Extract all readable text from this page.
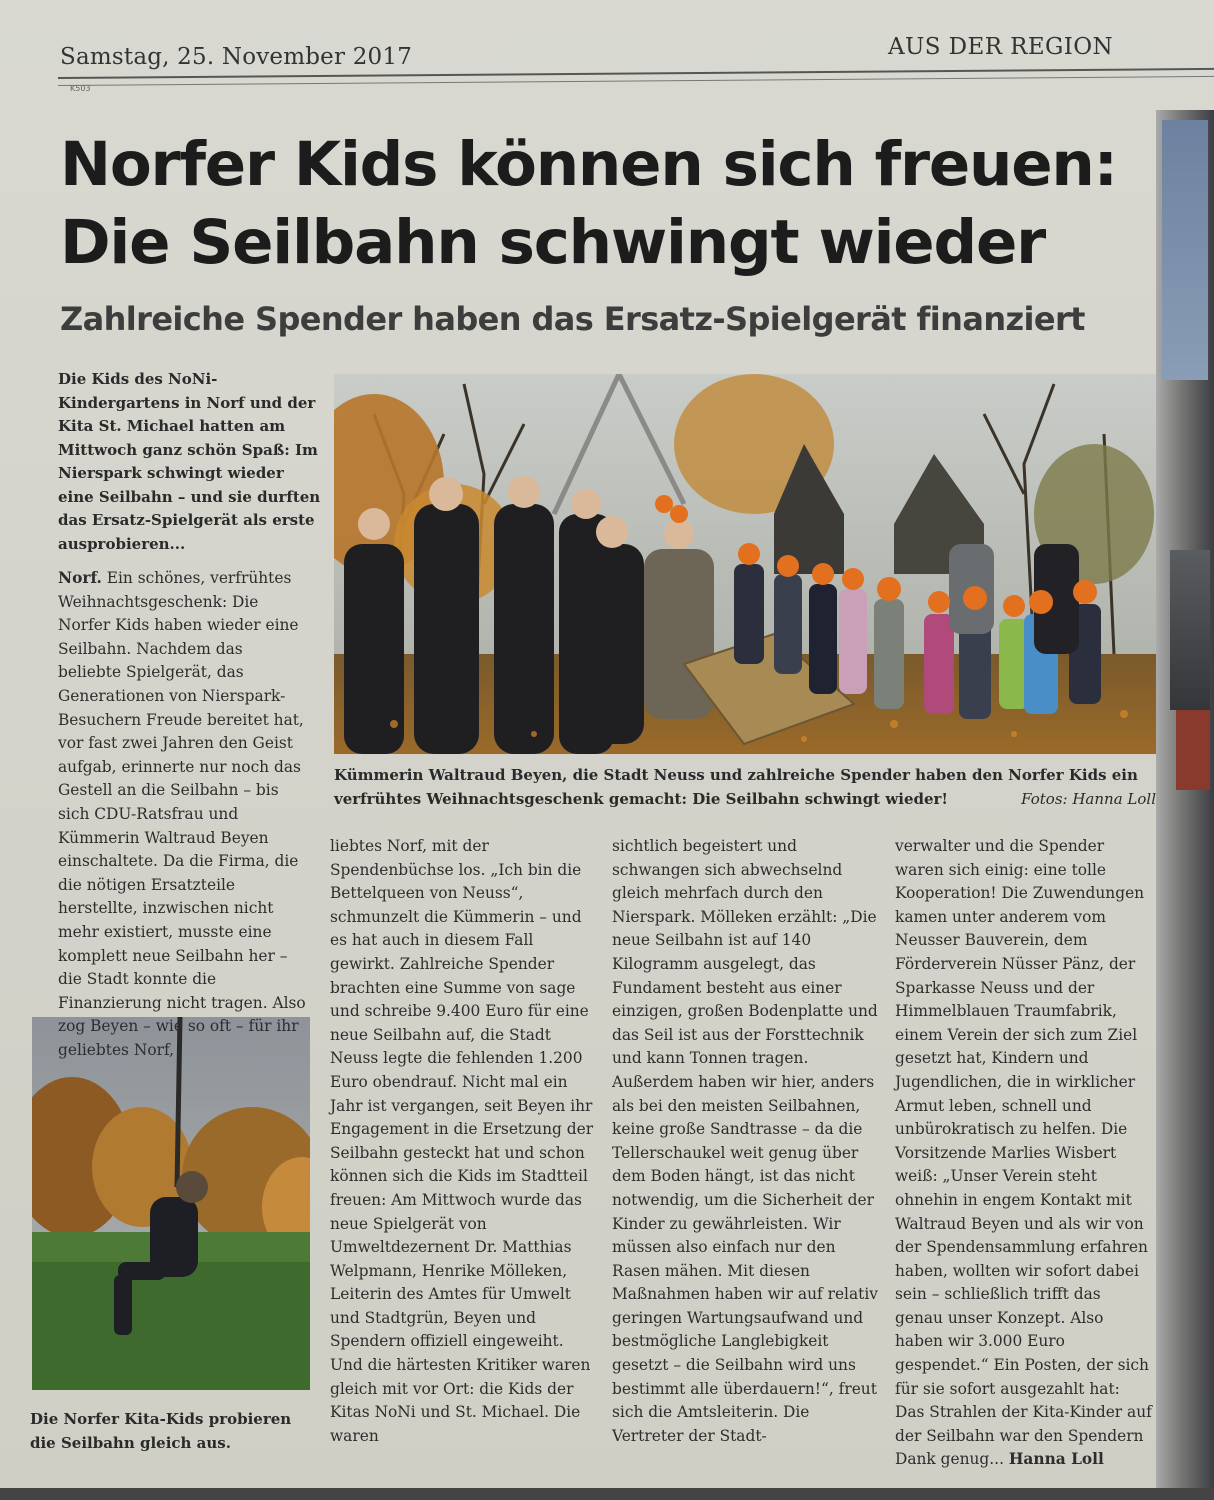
Samstag, 25. November 2017	AUS DER REGION
K503
Norfer Kids können sich freuen:
Die Seilbahn schwingt wieder
Zahlreiche Spender haben das Ersatz-Spielgerät finanziert
Die Kids des NoNi-Kindergartens in Norf und der Kita St. Michael hatten am Mittwoch ganz schön Spaß: Im Nierspark schwingt wieder eine Seilbahn – und sie durften das Ersatz-Spielgerät als erste ausprobieren...
Kümmerin Waltraud Beyen, die Stadt Neuss und zahlreiche Spender haben den Norfer Kids ein verfrühtes Weihnachtsgeschenk gemacht: Die Seilbahn schwingt wieder!	Fotos: Hanna Loll
Die Norfer Kita-Kids probieren die Seilbahn gleich aus.
Norf. Ein schönes, verfrühtes Weihnachtsgeschenk: Die Norfer Kids haben wieder eine Seilbahn. Nachdem das beliebte Spielgerät, das Generationen von Nierspark-Besuchern Freude bereitet hat, vor fast zwei Jahren den Geist aufgab, erinnerte nur noch das Gestell an die Seilbahn – bis sich CDU-Ratsfrau und Kümmerin Waltraud Beyen einschaltete. Da die Firma, die die nötigen Ersatzteile herstellte, inzwischen nicht mehr existiert, musste eine komplett neue Seilbahn her – die Stadt konnte die Finanzierung nicht tragen. Also zog Beyen – wie so oft – für ihr geliebtes Norf,
liebtes Norf, mit der Spendenbüchse los. „Ich bin die Bettelqueen von Neuss“, schmunzelt die Kümmerin – und es hat auch in diesem Fall gewirkt. Zahlreiche Spender brachten eine Summe von sage und schreibe 9.400 Euro für eine neue Seilbahn auf, die Stadt Neuss legte die fehlenden 1.200 Euro obendrauf. Nicht mal ein Jahr ist vergangen, seit Beyen ihr Engagement in die Ersetzung der Seilbahn gesteckt hat und schon können sich die Kids im Stadtteil freuen: Am Mittwoch wurde das neue Spielgerät von Umweltdezernent Dr. Matthias Welpmann, Henrike Mölleken, Leiterin des Amtes für Umwelt und Stadtgrün, Beyen und Spendern offiziell eingeweiht. Und die härtesten Kritiker waren gleich mit vor Ort: die Kids der Kitas NoNi und St. Michael. Die waren
sichtlich begeistert und schwangen sich abwechselnd gleich mehrfach durch den Nierspark. Mölleken erzählt: „Die neue Seilbahn ist auf 140 Kilogramm ausgelegt, das Fundament besteht aus einer einzigen, großen Bodenplatte und das Seil ist aus der Forsttechnik und kann Tonnen tragen. Außerdem haben wir hier, anders als bei den meisten Seilbahnen, keine große Sandtrasse – da die Tellerschaukel weit genug über dem Boden hängt, ist das nicht notwendig, um die Sicherheit der Kinder zu gewährleisten. Wir müssen also einfach nur den Rasen mähen. Mit diesen Maßnahmen haben wir auf relativ geringen Wartungsaufwand und bestmögliche Langlebigkeit gesetzt – die Seilbahn wird uns bestimmt alle überdauern!“, freut sich die Amtsleiterin. Die Vertreter der Stadt-
verwalter und die Spender waren sich einig: eine tolle Kooperation! Die Zuwendungen kamen unter anderem vom Neusser Bauverein, dem Förderverein Nüsser Pänz, der Sparkasse Neuss und der Himmelblauen Traumfabrik, einem Verein der sich zum Ziel gesetzt hat, Kindern und Jugendlichen, die in wirklicher Armut leben, schnell und unbürokratisch zu helfen. Die Vorsitzende Marlies Wisbert weiß: „Unser Verein steht ohnehin in engem Kontakt mit Waltraud Beyen und als wir von der Spendensammlung erfahren haben, wollten wir sofort dabei sein – schließlich trifft das genau unser Konzept. Also haben wir 3.000 Euro gespendet.“ Ein Posten, der sich für sie sofort ausgezahlt hat: Das Strahlen der Kita-Kinder auf der Seilbahn war den Spendern Dank genug... Hanna Loll
